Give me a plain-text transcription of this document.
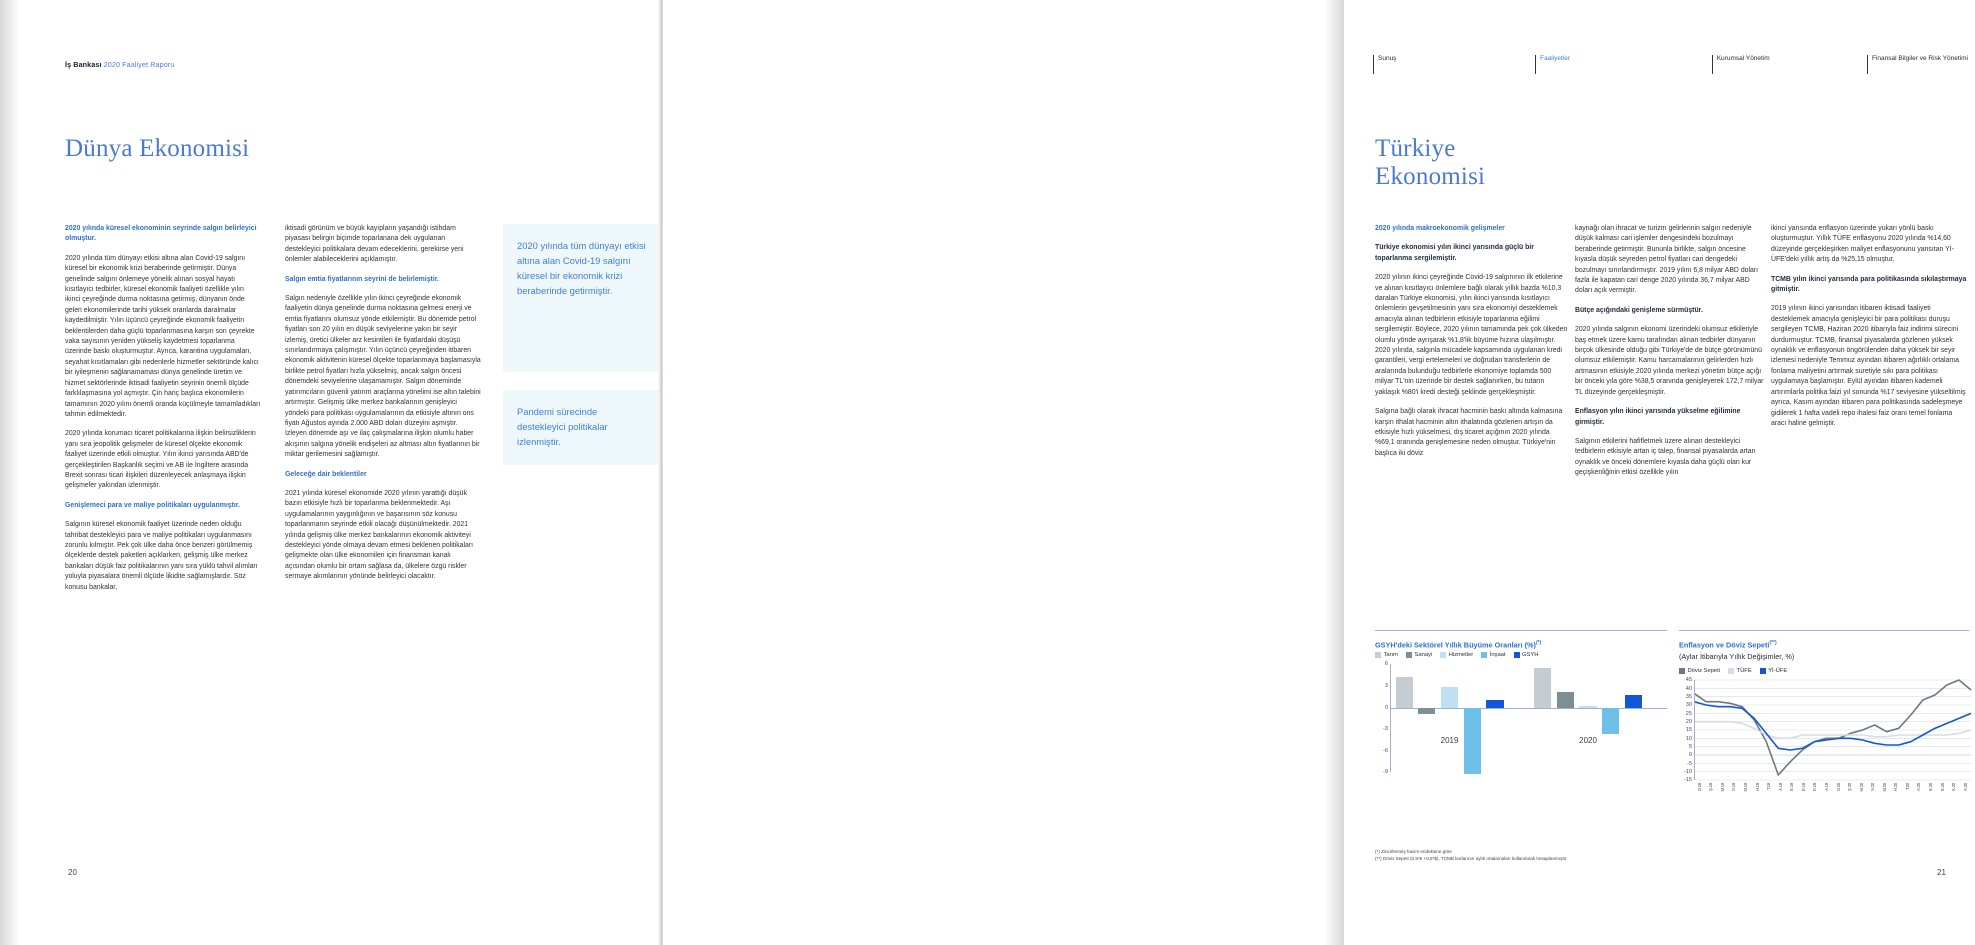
İş Bankası 2020 Faaliyet Raporu
Dünya Ekonomisi
2020 yılında küresel ekonominin seyrinde salgın belirleyici olmuştur.

2020 yılında tüm dünyayı etkisi altına alan Covid-19 salgını küresel bir ekonomik krizi beraberinde getirmiştir. Dünya genelinde salgını önlemeye yönelik alınan sosyal hayatı kısıtlayıcı tedbirler, küresel ekonomik faaliyeti özellikle yılın ikinci çeyreğinde durma noktasına getirmiş, dünyanın önde gelen ekonomilerinde tarihi yüksek oranlarda daralmalar kaydedilmiştir. Yılın üçüncü çeyreğinde ekonomik faaliyetin beklentilerden daha güçlü toparlanmasına karşın son çeyrekte vaka sayısının yeniden yükseliş kaydetmesi toparlanma üzerinde baskı oluşturmuştur. Ayrıca, karantina uygulamaları, seyahat kısıtlamaları gibi nedenlerle hizmetler sektöründe kalıcı bir iyileşmenin sağlanamaması dünya genelinde üretim ve hizmet sektörlerinde iktisadi faaliyetin seyrinin önemli ölçüde farklılaşmasına yol açmıştır. Çin hariç başlıca ekonomilerin tamamının 2020 yılını önemli oranda küçülmeyle tamamladıkları tahmin edilmektedir.

2020 yılında korumacı ticaret politikalarına ilişkin belirsizliklerin yanı sıra jeopolitik gelişmeler de küresel ölçekte ekonomik faaliyet üzerinde etkili olmuştur. Yılın ikinci yarısında ABD'de gerçekleştirilen Başkanlık seçimi ve AB ile İngiltere arasında Brexit sonrası ticari ilişkileri düzenleyecek anlaşmaya ilişkin gelişmeler yakından izlenmiştir.

Genişlemeci para ve maliye politikaları uygulanmıştır.

Salgının küresel ekonomik faaliyet üzerinde neden olduğu tahribat destekleyici para ve maliye politikaları uygulanmasını zorunlu kılmıştır. Pek çok ülke daha önce benzeri görülmemiş ölçeklerde destek paketleri açıklarken, gelişmiş ülke merkez bankaları düşük faiz politikalarının yanı sıra yüklü tahvil alımları yoluyla piyasalara önemli ölçüde likidite sağlamışlardır. Söz konusu bankalar,

iktisadi görünüm ve büyük kayıpların yaşandığı istihdam piyasası belirgin biçimde toparlanana dek uygulanan destekleyici politikalara devam edeceklerini, gerekirse yeni önlemler alabileceklerini açıklamıştır.

Salgın emtia fiyatlarının seyrini de belirlemiştir.

Salgın nedeniyle özellikle yılın ikinci çeyreğinde ekonomik faaliyetin dünya genelinde durma noktasına gelmesi enerji ve emtia fiyatlarını olumsuz yönde etkilemiştir. Bu dönemde petrol fiyatları son 20 yılın en düşük seviyelerine yakın bir seyir izlemiş, üretici ülkeler arz kesintileri ile fiyatlardaki düşüşü sınırlandırmaya çalışmıştır. Yılın üçüncü çeyreğinden itibaren ekonomik aktivitenin küresel ölçekte toparlanmaya başlamasıyla birlikte petrol fiyatları hızla yükselmiş, ancak salgın öncesi dönemdeki seviyelerine ulaşamamıştır. Salgın döneminde yatırımcıların güvenli yatırım araçlarına yönelimi ise altın talebini artırmıştır. Gelişmiş ülke merkez bankalarının genişleyici yöndeki para politikası uygulamalarının da etkisiyle altının ons fiyatı Ağustos ayında 2.000 ABD doları düzeyini aşmıştır. İzleyen dönemde aşı ve ilaç çalışmalarına ilişkin olumlu haber akışının salgına yönelik endişeleri az altması altın fiyatlarının bir miktar gerilemesini sağlamıştır.

Geleceğe dair beklentiler

2021 yılında küresel ekonomide 2020 yılının yarattığı düşük bazın etkisiyle hızlı bir toparlanma beklenmektedir. Aşı uygulamalarının yaygınlığının ve başarısının söz konusu toparlanmanın seyrinde etkili olacağı düşünülmektedir. 2021 yılında gelişmiş ülke merkez bankalarının ekonomik aktiviteyi destekleyici yönde olmaya devam etmesi beklenen politikaları gelişmekte olan ülke ekonomileri için finansman kanalı açısından olumlu bir ortam sağlasa da, ülkelere özgü riskler sermaye akımlarının yönünde belirleyici olacaktır.

2020 yılında tüm dünyayı etkisi altına alan Covid-19 salgını küresel bir ekonomik krizi beraberinde getirmiştir.
Pandemi sürecinde destekleyici politikalar izlenmiştir.
20
Sunuş	Faaliyetler	Kurumsal Yönetim	Finansal Bilgiler ve Risk Yönetimi
Türkiye Ekonomisi
2020 yılında makroekonomik gelişmeler
Türkiye ekonomisi yılın ikinci yarısında güçlü bir toparlanma sergilemiştir.

2020 yılının ikinci çeyreğinde Covid-19 salgınının ilk etkilerine ve alınan kısıtlayıcı önlemlere bağlı olarak yıllık bazda %10,3 daralan Türkiye ekonomisi, yılın ikinci yarısında kısıtlayıcı önlemlerin gevşetilmesinin yanı sıra ekonomiyi desteklemek amacıyla alınan tedbirlerin etkisiyle toparlanma eğilimi sergilemiştir. Böylece, 2020 yılının tamamında pek çok ülkeden olumlu yönde ayrışarak %1,8'lik büyüme hızına ulaşılmıştır. 2020 yılında, salgınla mücadele kapsamında uygulanan kredi garantileri, vergi ertelemeleri ve doğrudan transferlerin de aralarında bulunduğu tedbirlerle ekonomiye toplamda 500 milyar TL'nin üzerinde bir destek sağlanırken, bu tutarın yaklaşık %80'i kredi desteği şeklinde gerçekleşmiştir.

Salgına bağlı olarak ihracat hacminin baskı altında kalmasına karşın ithalat hacminin altın ithalatında gözlenen artışın da etkisiyle hızlı yükselmesi, dış ticaret açığının 2020 yılında %69,1 oranında genişlemesine neden olmuştur. Türkiye'nin başlıca iki döviz

kaynağı olan ihracat ve turizm gelirlerinin salgın nedeniyle düşük kalması cari işlemler dengesindeki bozulmayı beraberinde getirmiştir. Bununla birlikte, salgın öncesine kıyasla düşük seyreden petrol fiyatları cari dengedeki bozulmayı sınırlandırmıştır. 2019 yılını 6,8 milyar ABD doları fazla ile kapatan cari denge 2020 yılında 36,7 milyar ABD doları açık vermiştir.

Bütçe açığındaki genişleme sürmüştür.

2020 yılında salgının ekonomi üzerindeki olumsuz etkileriyle baş etmek üzere kamu tarafından alınan tedbirler dünyanın birçok ülkesinde olduğu gibi Türkiye'de de bütçe görünümünü olumsuz etkilemiştir. Kamu harcamalarının gelirlerden hızlı artmasının etkisiyle 2020 yılında merkezi yönetim bütçe açığı bir önceki yıla göre %38,5 oranında genişleyerek 172,7 milyar TL düzeyinde gerçekleşmiştir.

Enflasyon yılın ikinci yarısında yükselme eğilimine girmiştir.

Salgının etkilerini hafifletmek üzere alınan destekleyici tedbirlerin etkisiyle artan iç talep, finansal piyasalarda artan oynaklık ve önceki dönemlere kıyasla daha güçlü olan kur geçişkenliğinin etkisi özellikle yılın

ikinci yarısında enflasyon üzerinde yukarı yönlü baskı oluşturmuştur. Yıllık TÜFE enflasyonu 2020 yılında %14,60 düzeyinde gerçekleşirken maliyet enflasyonunu yansıtan Yİ-ÜFE'deki yıllık artış da %25,15 olmuştur.

TCMB yılın ikinci yarısında para politikasında sıkılaştırmaya gitmiştir.

2019 yılının ikinci yarısından itibaren iktisadi faaliyeti desteklemek amacıyla genişleyici bir para politikası duruşu sergileyen TCMB, Haziran 2020 itibarıyla faiz indirimi sürecini durdurmuştur. TCMB, finansal piyasalarda gözlenen yüksek oynaklık ve enflasyonun öngörülenden daha yüksek bir seyir izlemesi nedeniyle Temmuz ayından itibaren ağırlıklı ortalama fonlama maliyetini artırmak suretiyle sıkı para politikası uygulamaya başlamıştır. Eylül ayından itibaren kademeli artırımlarla politika faizi yıl sonunda %17 seviyesine yükseltilmiş ayrıca, Kasım ayından itibaren para politikasında sadeleşmeye gidilerek 1 hafta vadeli repo ihalesi faiz oranı temel fonlama aracı haline gelmiştir.

GSYH'deki Sektörel Yıllık Büyüme Oranları (%)(*)
Tarım	Sanayi	Hizmetler	İnşaat	GSYH
6
3
0
-3
-6
-9
2019	2020
Enflasyon ve Döviz Sepeti(**)
(Aylar İtibarıyla Yıllık Değişimler, %)
Döviz Sepeti	TÜFE	Yİ-ÜFE
45
40
35
30
25
20
15
10
5
0
-5
-10
-15
O.19 Ş.19 M.19 N.19 M.19 H.19 T.19 A.19 E.19 E.19 K.19 A.19 O.20 Ş.20 M.20 N.20 M.20 H.20 T.20 A.20 E.20 E.20 K.20 A.20
(*) Zincirlenmiş hacim endeksine göre
(**) Döviz Sepeti (0,5*€ +0,5*$), TCMB kurlarının aylık ortalamaları kullanılarak hesaplanmıştır.
21
